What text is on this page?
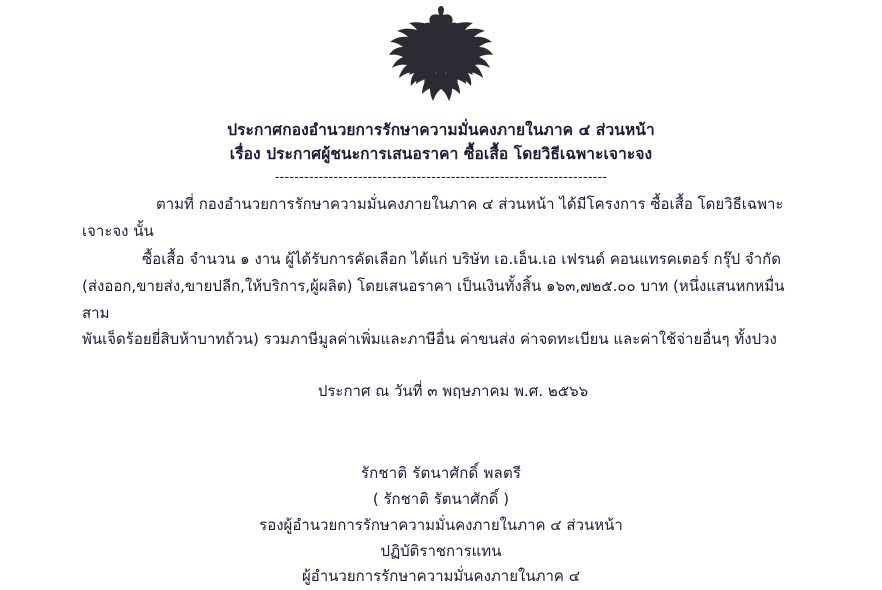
ประกาศกองอำนวยการรักษาความมั่นคงภายในภาค ๔ ส่วนหน้า
เรื่อง ประกาศผู้ชนะการเสนอราคา ซื้อเสื้อ โดยวิธีเฉพาะเจาะจง
--------------------------------------------------------------------

ตามที่ กองอำนวยการรักษาความมั่นคงภายในภาค ๔ ส่วนหน้า ได้มีโครงการ ซื้อเสื้อ โดยวิธีเฉพาะ
เจาะจง นั้น

ซื้อเสื้อ จำนวน ๑ งาน ผู้ได้รับการคัดเลือก ได้แก่ บริษัท เอ.เอ็น.เอ เฟรนด์ คอนแทรคเตอร์ กรุ๊ป จำกัด
(ส่งออก,ขายส่ง,ขายปลีก,ให้บริการ,ผู้ผลิต) โดยเสนอราคา เป็นเงินทั้งสิ้น ๑๖๓,๗๒๕.๐๐ บาท (หนึ่งแสนหกหมื่นสาม
พันเจ็ดร้อยยี่สิบห้าบาทถ้วน) รวมภาษีมูลค่าเพิ่มและภาษีอื่น ค่าขนส่ง ค่าจดทะเบียน และค่าใช้จ่ายอื่นๆ ทั้งปวง

ประกาศ ณ วันที่ ๓ พฤษภาคม พ.ศ. ๒๕๖๖

รักชาติ รัตนาศักดิ์ พลตรี

( รักชาติ รัตนาศักดิ์ )

รองผู้อำนวยการรักษาความมั่นคงภายในภาค ๔ ส่วนหน้า

ปฏิบัติราชการแทน

ผู้อำนวยการรักษาความมั่นคงภายในภาค ๔
